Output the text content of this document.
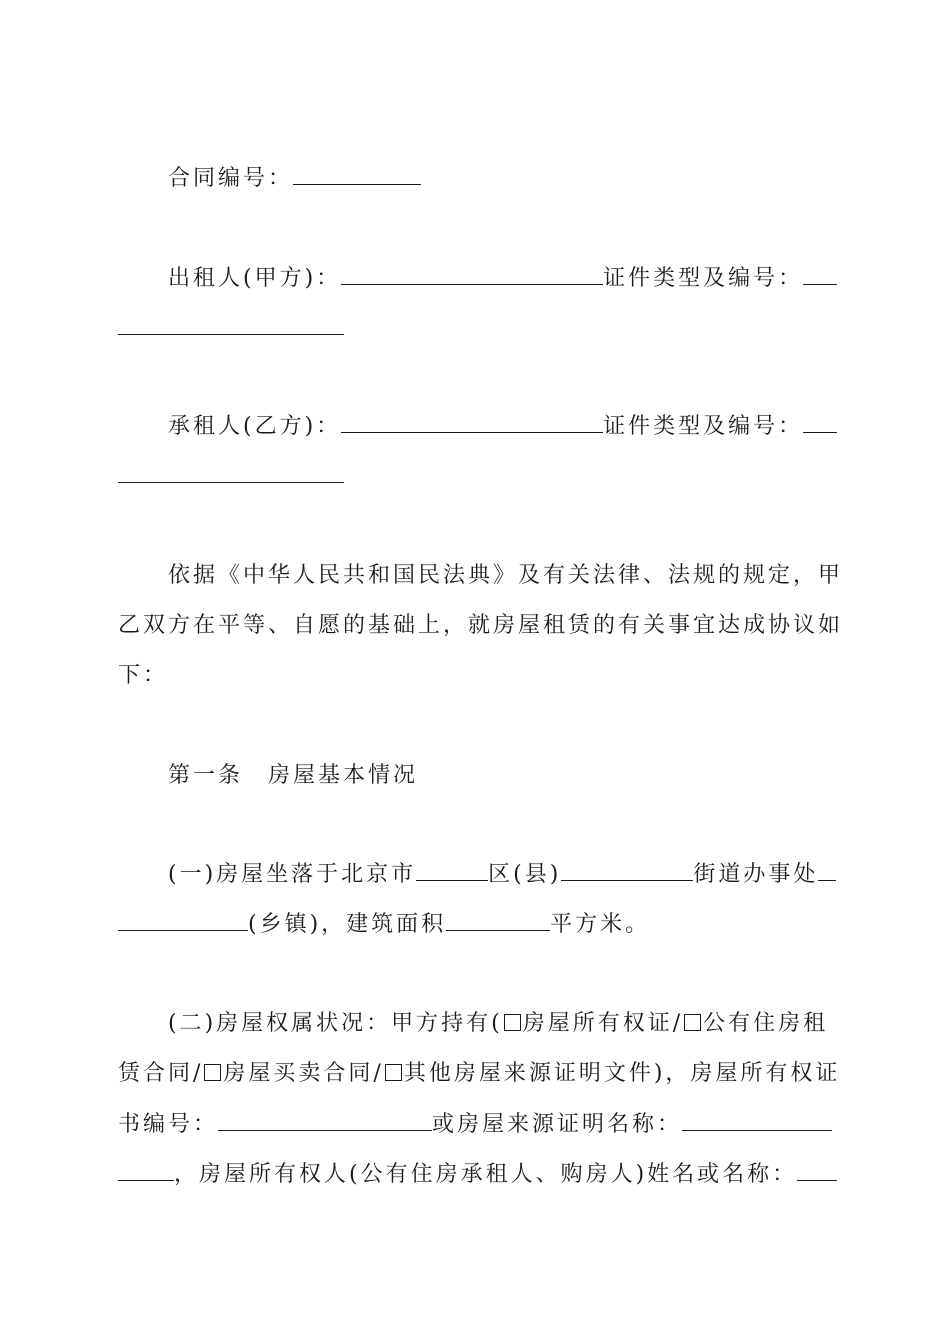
合同编号：
出租人(甲方)：	证件类型及编号：
承租人(乙方)：	证件类型及编号：
依据《中华人民共和国民法典》及有关法律、法规的规定，甲
乙双方在平等、自愿的基础上，就房屋租赁的有关事宜达成协议如
下：
第一条　房屋基本情况
(一)房屋坐落于北京市	区(县)	街道办事处
(乡镇)，建筑面积	平方米。
(二)房屋权属状况：甲方持有( 房屋所有权证/ 公有住房租
赁合同/ 房屋买卖合同/ 其他房屋来源证明文件)，房屋所有权证
书编号：	或房屋来源证明名称：
，房屋所有权人(公有住房承租人、购房人)姓名或名称：
